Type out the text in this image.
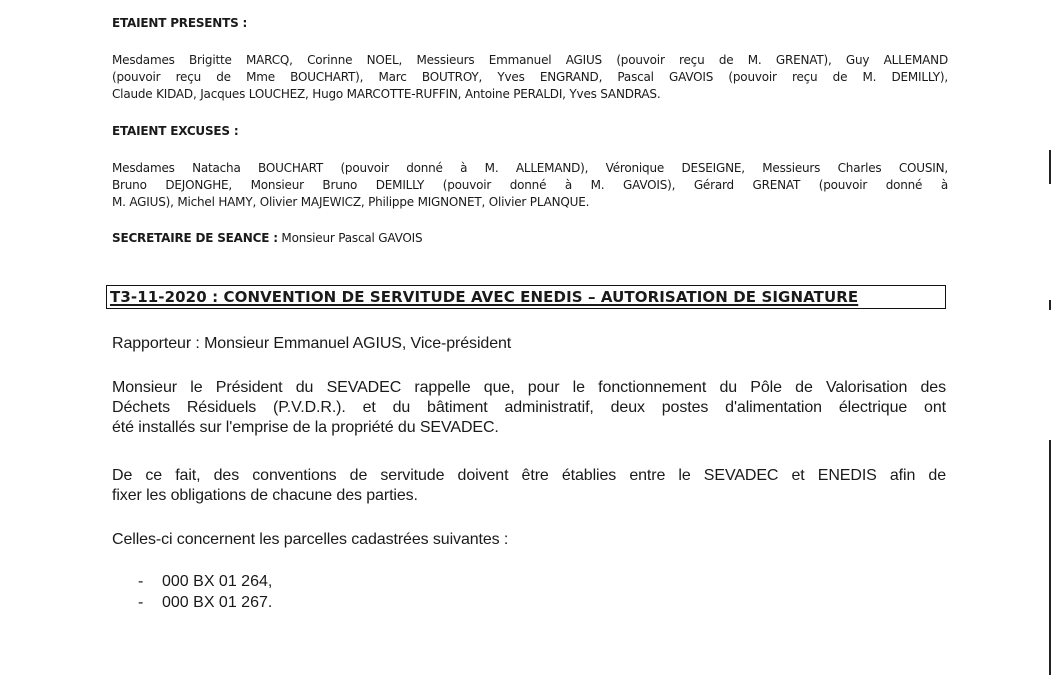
ETAIENT PRESENTS :
Mesdames Brigitte MARCQ, Corinne NOEL, Messieurs Emmanuel AGIUS (pouvoir reçu de M. GRENAT), Guy ALLEMAND
(pouvoir reçu de Mme BOUCHART), Marc BOUTROY, Yves ENGRAND, Pascal GAVOIS (pouvoir reçu de M. DEMILLY),
Claude KIDAD, Jacques LOUCHEZ, Hugo MARCOTTE-RUFFIN, Antoine PERALDI, Yves SANDRAS.
ETAIENT EXCUSES :
Mesdames Natacha BOUCHART (pouvoir donné à M. ALLEMAND), Véronique DESEIGNE, Messieurs Charles COUSIN,
Bruno DEJONGHE, Monsieur Bruno DEMILLY (pouvoir donné à M. GAVOIS), Gérard GRENAT (pouvoir donné à
M. AGIUS), Michel HAMY, Olivier MAJEWICZ, Philippe MIGNONET, Olivier PLANQUE.
SECRETAIRE DE SEANCE : Monsieur Pascal GAVOIS
T3-11-2020 : CONVENTION DE SERVITUDE AVEC ENEDIS – AUTORISATION DE SIGNATURE
Rapporteur : Monsieur Emmanuel AGIUS, Vice-président
Monsieur le Président du SEVADEC rappelle que, pour le fonctionnement du Pôle de Valorisation des
Déchets Résiduels (P.V.D.R.). et du bâtiment administratif, deux postes d'alimentation électrique ont
été installés sur l'emprise de la propriété du SEVADEC.
De ce fait, des conventions de servitude doivent être établies entre le SEVADEC et ENEDIS afin de
fixer les obligations de chacune des parties.
Celles-ci concernent les parcelles cadastrées suivantes :
- 000 BX 01 264,
- 000 BX 01 267.
